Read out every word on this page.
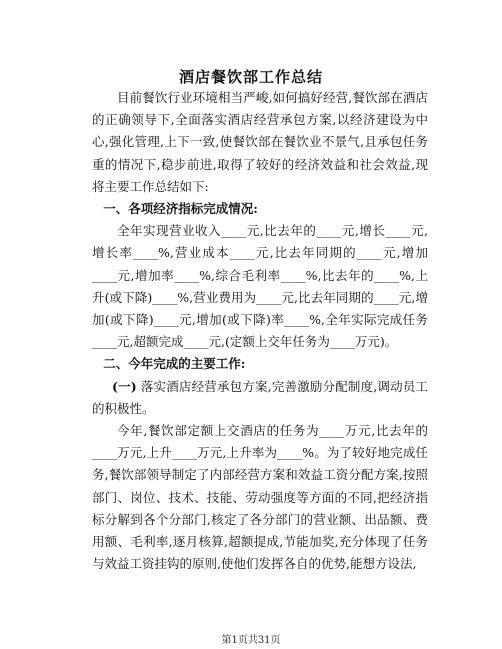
酒店餐饮部工作总结

目前餐饮行业环境相当严峻,如何搞好经营,餐饮部在酒店的正确领导下,全面落实酒店经营承包方案,以经济建设为中心,强化管理,上下一致,使餐饮部在餐饮业不景气,且承包任务重的情况下,稳步前进,取得了较好的经济效益和社会效益,现将主要工作总结如下:

一、各项经济指标完成情况:

全年实现营业收入____元,比去年的____元,增长____元,增长率____%,营业成本____元,比去年同期的____元,增加____元,增加率____%,综合毛利率____%,比去年的____%,上升(或下降)____%,营业费用为____元,比去年同期的____元,增加(或下降)____元,增加(或下降)率____%,全年实际完成任务____元,超额完成____元,(定额上交年任务为____万元)。

二、今年完成的主要工作:

(一) 落实酒店经营承包方案,完善激励分配制度,调动员工的积极性。

今年,餐饮部定额上交酒店的任务为____万元,比去年的____万元,上升____万元,上升率为____%。为了较好地完成任务,餐饮部领导制定了内部经营方案和效益工资分配方案,按照部门、岗位、技术、技能、劳动强度等方面的不同,把经济指标分解到各个分部门,核定了各分部门的营业额、出品额、费用额、毛利率,逐月核算,超额提成,节能加奖,充分体现了任务与效益工资挂钩的原则,使他们发挥各自的优势,能想方设法,

第1页共31页
